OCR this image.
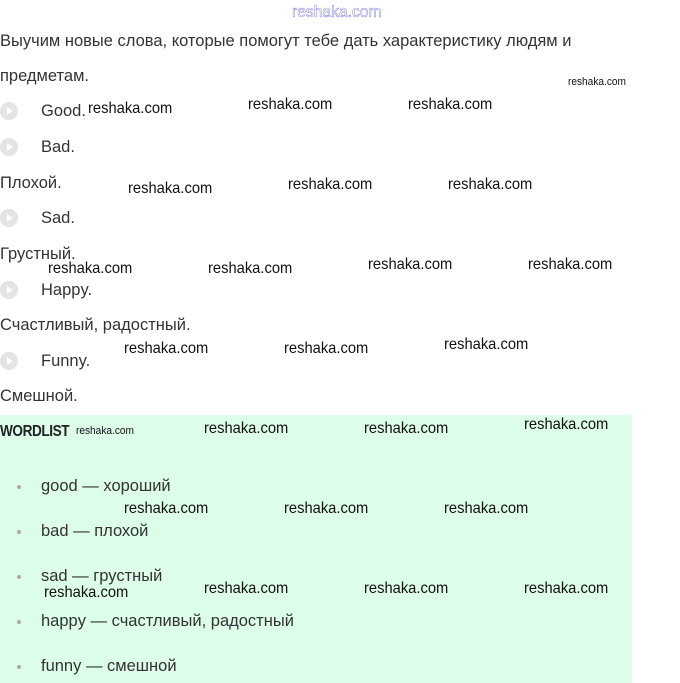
Выучим новые слова, которые помогут тебе дать характеристику людям и
предметам.
Good.
Bad.
Плохой.
Sad.
Грустный.
Happy.
Счастливый, радостный.
Funny.
Смешной.
WORDLIST
good — хороший
bad — плохой
sad — грустный
happy — счастливый, радостный
funny — смешной
reshaka.com
reshaka.com
reshaka.com	reshaka.com	reshaka.com
reshaka.com	reshaka.com	reshaka.com
reshaka.com	reshaka.com	reshaka.com	reshaka.com
reshaka.com	reshaka.com	reshaka.com
reshaka.com	reshaka.com	reshaka.com	reshaka.com
reshaka.com	reshaka.com	reshaka.com
reshaka.com	reshaka.com	reshaka.com	reshaka.com
